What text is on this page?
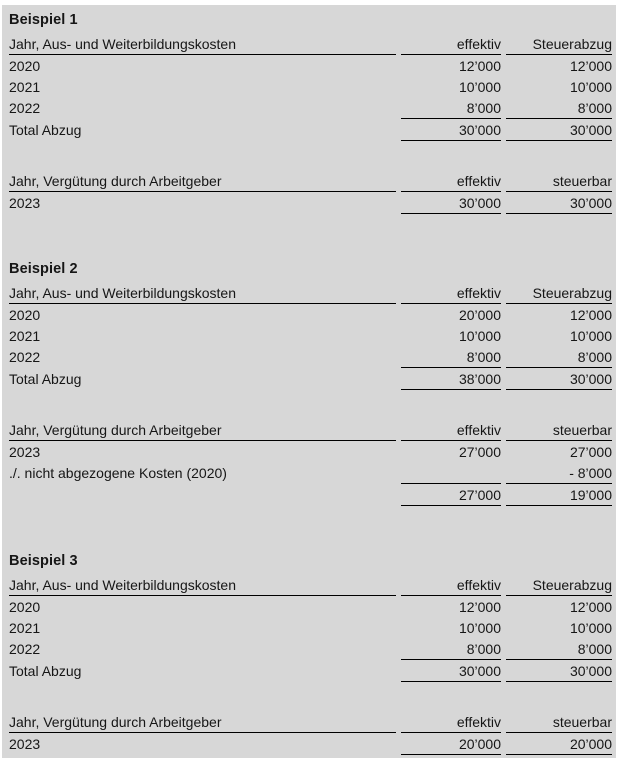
Beispiel 1
Jahr, Aus- und Weiterbildungskosten	effektiv	Steuerabzug
2020	12’000	12’000
2021	10’000	10’000
2022	8’000	8’000
Total Abzug	30’000	30’000
Jahr, Vergütung durch Arbeitgeber	effektiv	steuerbar
2023	30’000	30’000
Beispiel 2
Jahr, Aus- und Weiterbildungskosten	effektiv	Steuerabzug
2020	20’000	12’000
2021	10’000	10’000
2022	8’000	8’000
Total Abzug	38’000	30’000
Jahr, Vergütung durch Arbeitgeber	effektiv	steuerbar
2023	27’000	27’000
./. nicht abgezogene Kosten (2020)		- 8’000
	27’000	19’000
Beispiel 3
Jahr, Aus- und Weiterbildungskosten	effektiv	Steuerabzug
2020	12’000	12’000
2021	10’000	10’000
2022	8’000	8’000
Total Abzug	30’000	30’000
Jahr, Vergütung durch Arbeitgeber	effektiv	steuerbar
2023	20’000	20’000
